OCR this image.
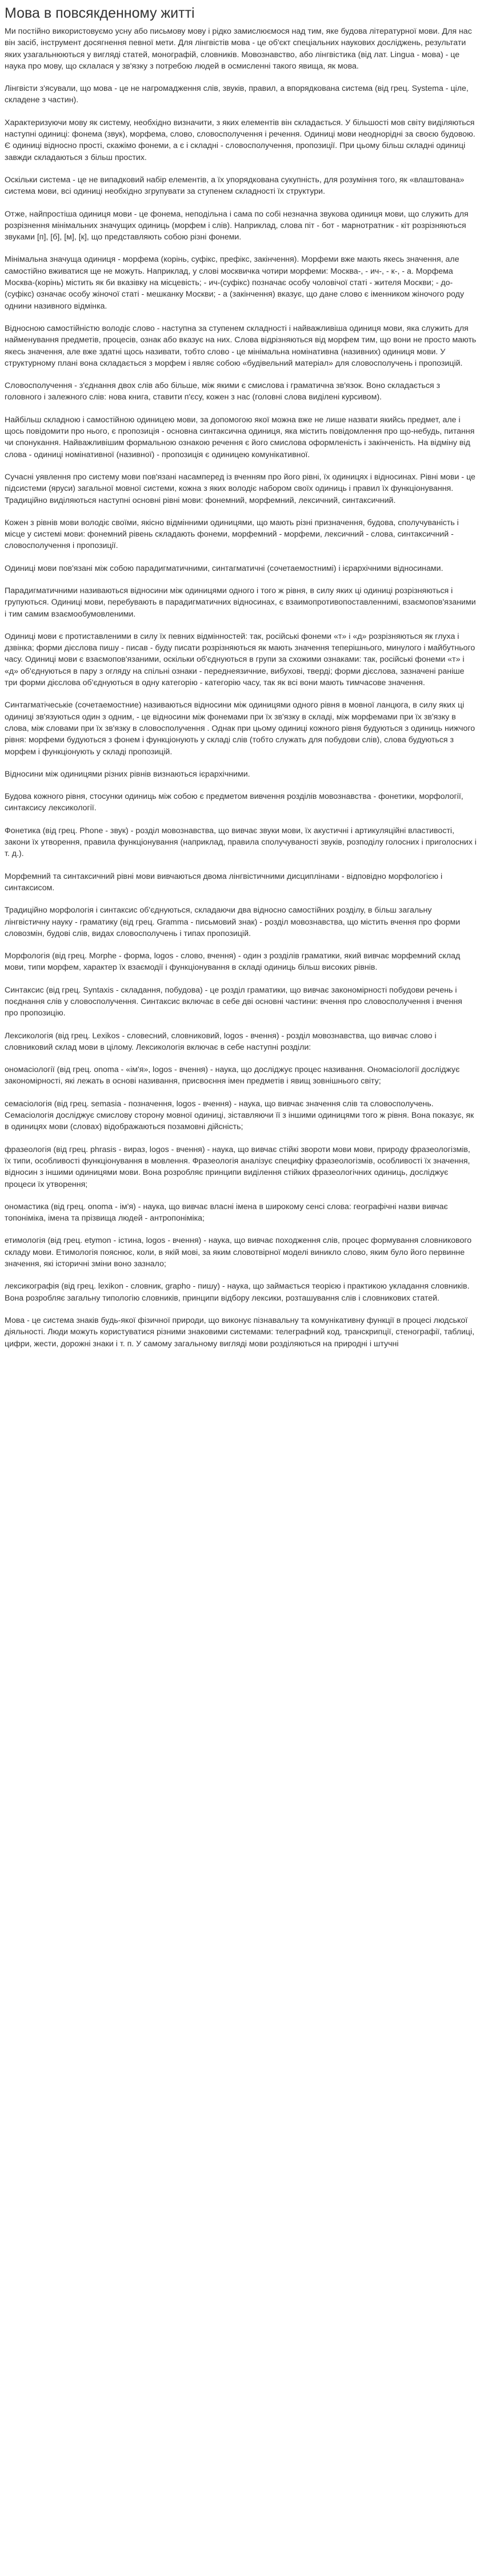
Мова в повсякденному житті

Ми постійно використовуємо усну або письмову мову і рідко замислюємося над тим, яке будова літературної мови. Для нас він засіб, інструмент досягнення певної мети. Для лінгвістів мова - це об'єкт спеціальних наукових досліджень, результати яких узагальнюються у вигляді статей, монографій, словників. Мовознавство, або лінгвістика (від лат. Lingua - мова) - це наука про мову, що склалася у зв'язку з потребою людей в осмисленні такого явища, як мова.

Лінгвісти з'ясували, що мова - це не нагромадження слів, звуків, правил, а впорядкована система (від грец. Systema - ціле, складене з частин).

Характеризуючи мову як систему, необхідно визначити, з яких елементів він складається. У більшості мов світу виділяються наступні одиниці: фонема (звук), морфема, слово, словосполучення і речення. Одиниці мови неоднорідні за своєю будовою. Є одиниці відносно прості, скажімо фонеми, а є і складні - словосполучення, пропозиції. При цьому більш складні одиниці завжди складаються з більш простих.

Оскільки система - це не випадковий набір елементів, а їх упорядкована сукупність, для розуміння того, як «влаштована» система мови, всі одиниці необхідно згрупувати за ступенем складності їх структури.

Отже, найпростіша одиниця мови - це фонема, неподільна і сама по собі незначна звукова одиниця мови, що служить для розрізнення мінімальних значущих одиниць (морфем і слів). Наприклад, слова піт - бот - марнотратник - кіт розрізняються звуками [п], [б], [м], [к], що представляють собою різні фонеми.

Мінімальна значуща одиниця - морфема (корінь, суфікс, префікс, закінчення). Морфеми вже мають якесь значення, але самостійно вживатися ще не можуть. Наприклад, у слові москвичка чотири морфеми: Москва-, - ич-, - к-, - а. Морфема Москва-(корінь) містить як би вказівку на місцевість; - ич-(суфікс) позначає особу чоловічої статі - жителя Москви; - до-(суфікс) означає особу жіночої статі - мешканку Москви; - а (закінчення) вказує, що дане слово є іменником жіночого роду однини називного відмінка.

Відносною самостійністю володіє слово - наступна за ступенем складності і найважливіша одиниця мови, яка служить для найменування предметів, процесів, ознак або вказує на них. Слова відрізняються від морфем тим, що вони не просто мають якесь значення, але вже здатні щось називати, тобто слово - це мінімальна номінативна (називних) одиниця мови. У структурному плані вона складається з морфем і являє собою «будівельний матеріал» для словосполучень і пропозицій.

Словосполучення - з'єднання двох слів або більше, між якими є смислова і граматична зв'язок. Воно складається з головного і залежного слів: нова книга, ставити п'єсу, кожен з нас (головні слова виділені курсивом).

Найбільш складною і самостійною одиницею мови, за допомогою якої можна вже не лише назвати якийсь предмет, але і щось повідомити про нього, є пропозиція - основна синтаксична одиниця, яка містить повідомлення про що-небудь, питання чи спонукання. Найважливішим формальною ознакою речення є його смислова оформленість і закінченість. На відміну від слова - одиниці номінативної (називної) - пропозиція є одиницею комунікативної.

Сучасні уявлення про систему мови пов'язані насамперед із вченням про його рівні, їх одиницях і відносинах. Рівні мови - це підсистеми (яруси) загальної мовної системи, кожна з яких володіє набором своїх одиниць і правил їх функціонування. Традиційно виділяються наступні основні рівні мови: фонемний, морфемний, лексичний, синтаксичний.

Кожен з рівнів мови володіє своїми, якісно відмінними одиницями, що мають різні призначення, будова, сполучуваність і місце у системі мови: фонемний рівень складають фонеми, морфемний - морфеми, лексичний - слова, синтаксичний - словосполучення і пропозиції.

Одиниці мови пов'язані між собою парадигматичними, синтагматичні (сочетаемостнимі) і ієрархічними відносинами.

Парадигматичними називаються відносини між одиницями одного і того ж рівня, в силу яких ці одиниці розрізняються і групуються. Одиниці мови, перебувають в парадигматичних відносинах, є взаимопротивопоставленнимі, взаємопов'язаними і тим самим взаємообумовленими.

Одиниці мови є протиставленими в силу їх певних відмінностей: так, російські фонеми «т» і «д» розрізняються як глуха і дзвінка; форми дієслова пишу - писав - буду писати розрізняються як мають значення теперішнього, минулого і майбутнього часу. Одиниці мови є взаємопов'язаними, оскільки об'єднуються в групи за схожими ознаками: так, російські фонеми «т» і «д» об'єднуються в пару з огляду на спільні ознаки - переднеязичние, вибухові, тверді; форми дієслова, зазначені раніше три форми дієслова об'єднуються в одну категорію - категорію часу, так як всі вони мають тимчасове значення.

Синтагматічеськіе (сочетаемостние) називаються відносини між одиницями одного рівня в мовної ланцюга, в силу яких ці одиниці зв'язуються один з одним, - це відносини між фонемами при їх зв'язку в складі, між морфемами при їх зв'язку в слова, між словами при їх зв'язку в словосполучення . Однак при цьому одиниці кожного рівня будуються з одиниць нижчого рівня: морфеми будуються з фонем і функціонують у складі слів (тобто служать для побудови слів), слова будуються з морфем і функціонують у складі пропозицій.

Відносини між одиницями різних рівнів визнаються ієрархічними.

Будова кожного рівня, стосунки одиниць між собою є предметом вивчення розділів мовознавства - фонетики, морфології, синтаксису лексикології.

Фонетика (від грец. Phone - звук) - розділ мовознавства, що вивчає звуки мови, їх акустичні і артикуляційні властивості, закони їх утворення, правила функціонування (наприклад, правила сполучуваності звуків, розподілу голосних і приголосних і т. д.).

Морфемний та синтаксичний рівні мови вивчаються двома лінгвістичними дисциплінами - відповідно морфологією і синтаксисом.

Традиційно морфологія і синтаксис об'єднуються, складаючи два відносно самостійних розділу, в більш загальну лінгвістичну науку - граматику (від грец. Gramma - письмовий знак) - розділ мовознавства, що містить вчення про форми словозмін, будові слів, видах словосполучень і типах пропозицій.

Морфологія (від грец. Morphe - форма, logos - слово, вчення) - один з розділів граматики, який вивчає морфемний склад мови, типи морфем, характер їх взаємодії і функціонування в складі одиниць більш високих рівнів.

Синтаксис (від грец. Syntaxis - складання, побудова) - це розділ граматики, що вивчає закономірності побудови речень і поєднання слів у словосполучення. Синтаксис включає в себе дві основні частини: вчення про словосполучення і вчення про пропозицію.

Лексикологія (від грец. Lexikos - словесний, словниковий, logos - вчення) - розділ мовознавства, що вивчає слово і словниковий склад мови в цілому. Лексикологія включає в себе наступні розділи:

ономасіології (від грец. onoma - «ім'я», logos - вчення) - наука, що досліджує процес називання. Ономасіології досліджує закономірності, які лежать в основі називання, присвоєння імен предметів і явищ зовнішнього світу;

семасіологія (від грец. semasia - позначення, logos - вчення) - наука, що вивчає значення слів та словосполучень. Семасіологія досліджує смислову сторону мовної одиниці, зіставляючи її з іншими одиницями того ж рівня. Вона показує, як в одиницях мови (словах) відображаються позамовні дійсність;

фразеологія (від грец. phrasis - вираз, logos - вчення) - наука, що вивчає стійкі звороти мови мови, природу фразеологізмів, їх типи, особливості функціонування в мовлення. Фразеологія аналізує специфіку фразеологізмів, особливості їх значення, відносин з іншими одиницями мови. Вона розробляє принципи виділення стійких фразеологічних одиниць, досліджує процеси їх утворення;

ономастика (від грец. onoma - ім'я) - наука, що вивчає власні імена в широкому сенсі слова: географічні назви вивчає топоніміка, імена та прізвища людей - антропоніміка;

етимологія (від грец. etymon - істина, logos - вчення) - наука, що вивчає походження слів, процес формування словникового складу мови. Етимологія пояснює, коли, в якій мові, за яким словотвірної моделі виникло слово, яким було його первинне значення, які історичні зміни воно зазнало;

лексикографія (від грец. lexikon - словник, grapho - пишу) - наука, що займається теорією і практикою укладання словників. Вона розробляє загальну типологію словників, принципи відбору лексики, розташування слів і словникових статей.

Мова - це система знаків будь-якої фізичної природи, що виконує пізнавальну та комунікативну функції в процесі людської діяльності. Люди можуть користуватися різними знаковими системами: телеграфний код, транскрипції, стенографії, таблиці, цифри, жести, дорожні знаки і т. п. У самому загальному вигляді мови розділяються на природні і штучні
